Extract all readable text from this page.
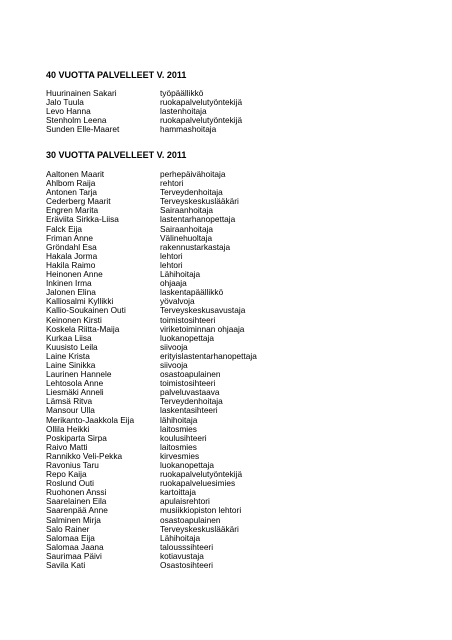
40 VUOTTA PALVELLEET V. 2011
Huurinainen Sakari	työpäällikkö
Jalo Tuula	ruokapalvelutyöntekijä
Levo Hanna	lastenhoitaja
Stenholm Leena	ruokapalvelutyöntekijä
Sunden Elle-Maaret	hammashoitaja
30 VUOTTA PALVELLEET V. 2011
Aaltonen Maarit	perhepäivähoitaja
Ahlbom Raija	rehtori
Antonen Tarja	Terveydenhoitaja
Cederberg Maarit	Terveyskeskuslääkäri
Engren Marita	Sairaanhoitaja
Eräviita Sirkka-Liisa	lastentarhanopettaja
Falck Eija	Sairaanhoitaja
Friman Anne	Välinehuoltaja
Gröndahl Esa	rakennustarkastaja
Hakala Jorma	lehtori
Hakila Raimo	lehtori
Heinonen Anne	Lähihoitaja
Inkinen Irma	ohjaaja
Jalonen Elina	laskentapäällikkö
Kalliosalmi Kyllikki	yövalvoja
Kallio-Soukainen Outi	Terveyskeskusavustaja
Keinonen Kirsti	toimistosihteeri
Koskela Riitta-Maija	viriketoiminnan ohjaaja
Kurkaa Liisa	luokanopettaja
Kuusisto Leila	siivooja
Laine Krista	erityislastentarhanopettaja
Laine Sinikka	siivooja
Laurinen Hannele	osastoapulainen
Lehtosola Anne	toimistosihteeri
Liesmäki Anneli	palveluvastaava
Lämsä Ritva	Terveydenhoitaja
Mansour Ulla	laskentasihteeri
Merikanto-Jaakkola Eija	lähihoitaja
Ollila Heikki	laitosmies
Poskiparta Sirpa	koulusihteeri
Raivo Matti	laitosmies
Rannikko Veli-Pekka	kirvesmies
Ravonius Taru	luokanopettaja
Repo Kaija	ruokapalvelutyöntekijä
Roslund Outi	ruokapalveluesimies
Ruohonen Anssi	kartoittaja
Saarelainen Eila	apulaisrehtori
Saarenpää Anne	musiikkiopiston lehtori
Salminen Mirja	osastoapulainen
Salo Rainer	Terveyskeskuslääkäri
Salomaa Eija	Lähihoitaja
Salomaa Jaana	talousssihteeri
Saurimaa Päivi	kotiavustaja
Savila Kati	Osastosihteeri
